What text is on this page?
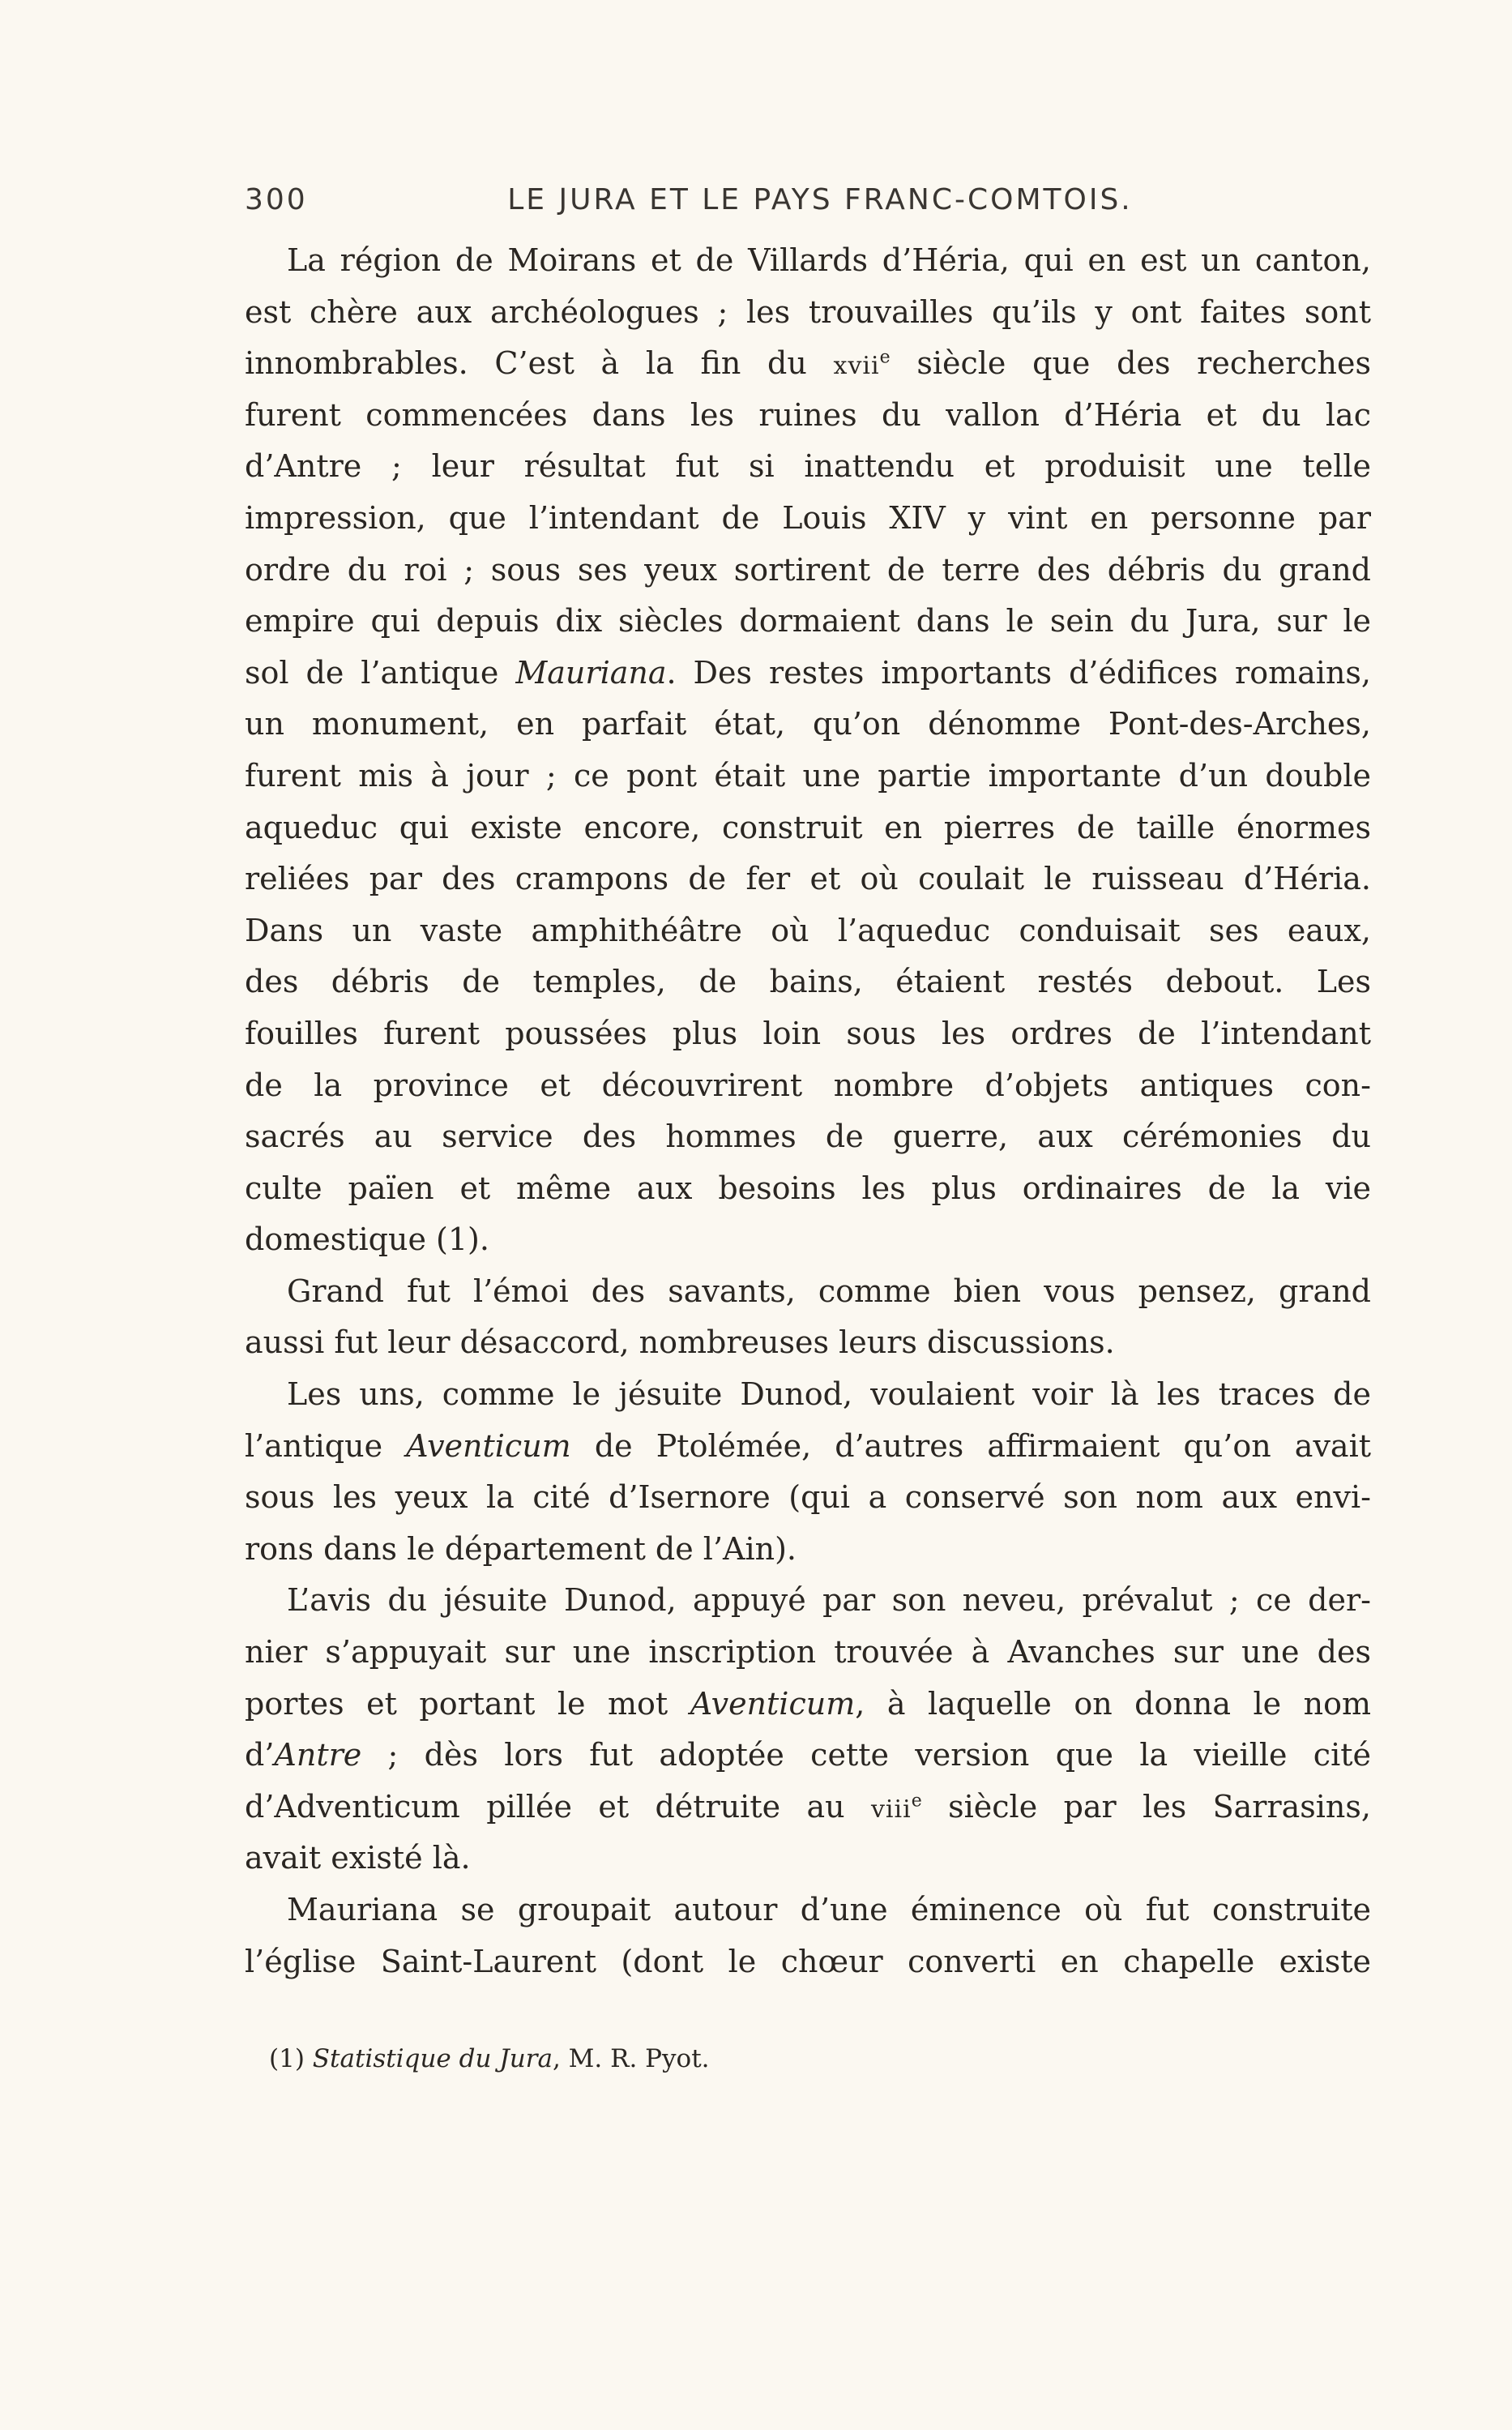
300	LE JURA ET LE PAYS FRANC-COMTOIS.
La région de Moirans et de Villards d’Héria, qui en est un canton,
est chère aux archéologues ; les trouvailles qu’ils y ont faites sont
innombrables. C’est à la fin du xvii$^e$ siècle que des recherches
furent commencées dans les ruines du vallon d’Héria et du lac
d’Antre ; leur résultat fut si inattendu et produisit une telle
impression, que l’intendant de Louis XIV y vint en personne par
ordre du roi ; sous ses yeux sortirent de terre des débris du grand
empire qui depuis dix siècles dormaient dans le sein du Jura, sur le
sol de l’antique Mauriana. Des restes importants d’édifices romains,
un monument, en parfait état, qu’on dénomme Pont-des-Arches,
furent mis à jour ; ce pont était une partie importante d’un double
aqueduc qui existe encore, construit en pierres de taille énormes
reliées par des crampons de fer et où coulait le ruisseau d’Héria.
Dans un vaste amphithéâtre où l’aqueduc conduisait ses eaux,
des débris de temples, de bains, étaient restés debout. Les
fouilles furent poussées plus loin sous les ordres de l’intendant
de la province et découvrirent nombre d’objets antiques con-
sacrés au service des hommes de guerre, aux cérémonies du
culte païen et même aux besoins les plus ordinaires de la vie
domestique (1).
Grand fut l’émoi des savants, comme bien vous pensez, grand
aussi fut leur désaccord, nombreuses leurs discussions.
Les uns, comme le jésuite Dunod, voulaient voir là les traces de
l’antique Aventicum de Ptolémée, d’autres affirmaient qu’on avait
sous les yeux la cité d’Isernore (qui a conservé son nom aux envi-
rons dans le département de l’Ain).
L’avis du jésuite Dunod, appuyé par son neveu, prévalut ; ce der-
nier s’appuyait sur une inscription trouvée à Avanches sur une des
portes et portant le mot Aventicum, à laquelle on donna le nom
d’Antre ; dès lors fut adoptée cette version que la vieille cité
d’Adventicum pillée et détruite au viii$^e$ siècle par les Sarrasins,
avait existé là.
Mauriana se groupait autour d’une éminence où fut construite
l’église Saint-Laurent (dont le chœur converti en chapelle existe
(1) Statistique du Jura, M. R. Pyot.
